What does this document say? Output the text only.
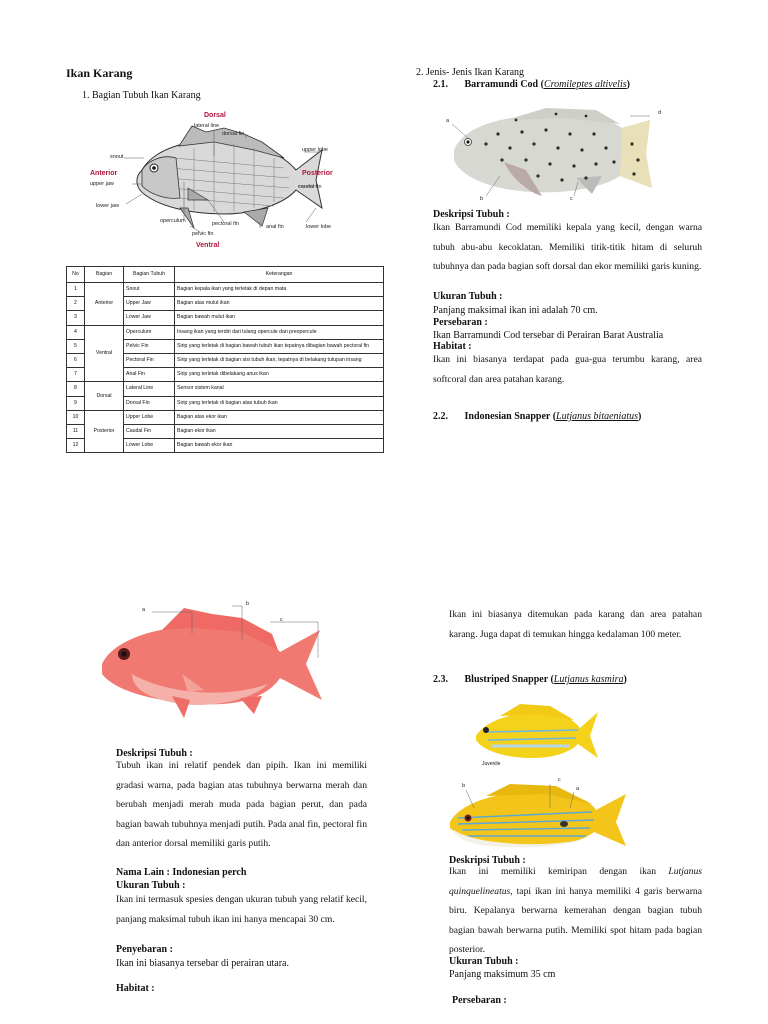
Ikan Karang
1. Bagian Tubuh Ikan Karang
Dorsal
lateral line
dorsal fin
upper lobe
snout
Anterior	Posterior
upper jaw	caudal fin
lower jaw
operculum	pectoral fin	anal fin	lower lobe
pelvic fin
Ventral
No	Bagian	Bagian Tubuh	Keterangan
1	Anterior	Snout	Bagian kepala ikan yang terletak di depan mata
2		Upper Jaw	Bagian atas mulut ikan
3		Lower Jaw	Bagian bawah mulut ikan
4	Ventral	Operculum	Insang ikan yang terdiri dari tulang opercule dan preopercule
5		Pelvic Fin	Sirip yang terletak di bagian bawah tubuh ikan tepatnya dibagian bawah pectoral fin
6		Pectoral Fin	Sirip yang terletak di bagian sisi tubuh ikan, tepatnya di belakang tutupan insang
7		Anal Fin	Sirip yang terletak dibelakang anus ikan
8	Dorsal	Lateral Line	Sensor sistem kanal
9		Dorsal Fin	Sirip yang terletak di bagian atas tubuh ikan
10	Posterior	Upper Lobe	Bagian atas ekor ikan
11		Caudal Fin	Bagian ekor ikan
12		Lower Lobe	Bagian bawah ekor ikan
a
b
c
Deskripsi Tubuh :
Tubuh ikan ini relatif pendek dan pipih. Ikan ini memiliki gradasi warna, pada bagian atas tubuhnya berwarna merah dan berubah menjadi merah muda pada bagian perut, dan pada bagian bawah tubuhnya menjadi putih. Pada anal fin, pectoral fin dan anterior dorsal memiliki garis putih.
Nama Lain : Indonesian perch
Ukuran Tubuh :
Ikan ini termasuk spesies dengan ukuran tubuh yang relatif kecil, panjang maksimal tubuh ikan ini hanya mencapai 30 cm.
Penyebaran :
Ikan ini biasanya tersebar di perairan utara.
Habitat :
2. Jenis- Jenis Ikan Karang
2.1. Barramundi Cod (Cromileptes altivelis)
a
d
b	c
Deskripsi Tubuh :
Ikan Barramundi Cod memiliki kepala yang kecil, dengan warna tubuh abu-abu kecoklatan. Memiliki titik-titik hitam di seluruh tubuhnya dan pada bagian soft dorsal dan ekor memiliki garis kuning.
Ukuran Tubuh :
Panjang maksimal ikan ini adalah 70 cm.
Persebaran :
Ikan Barramundi Cod tersebar di Perairan Barat Australia
Habitat :
Ikan ini biasanya terdapat pada gua-gua terumbu karang, area softcoral dan area patahan karang.
2.2. Indonesian Snapper (Lutjanus bitaeniatus)
Ikan ini biasanya ditemukan pada karang dan area patahan karang. Juga dapat di temukan hingga kedalaman 100 meter.
2.3. Blustriped Snapper (Lutjanus kasmira)
Juvenile
b
c
a
Deskripsi Tubuh :
Ikan ini memiliki kemiripan dengan ikan Lutjanus quinquelineatus, tapi ikan ini hanya memiliki 4 garis berwarna biru. Kepalanya berwarna kemerahan dengan bagian tubuh bagian bawah berwarna putih. Memiliki spot hitam pada bagian posterior.
Ukuran Tubuh :
Panjang maksimum 35 cm
Persebaran :
